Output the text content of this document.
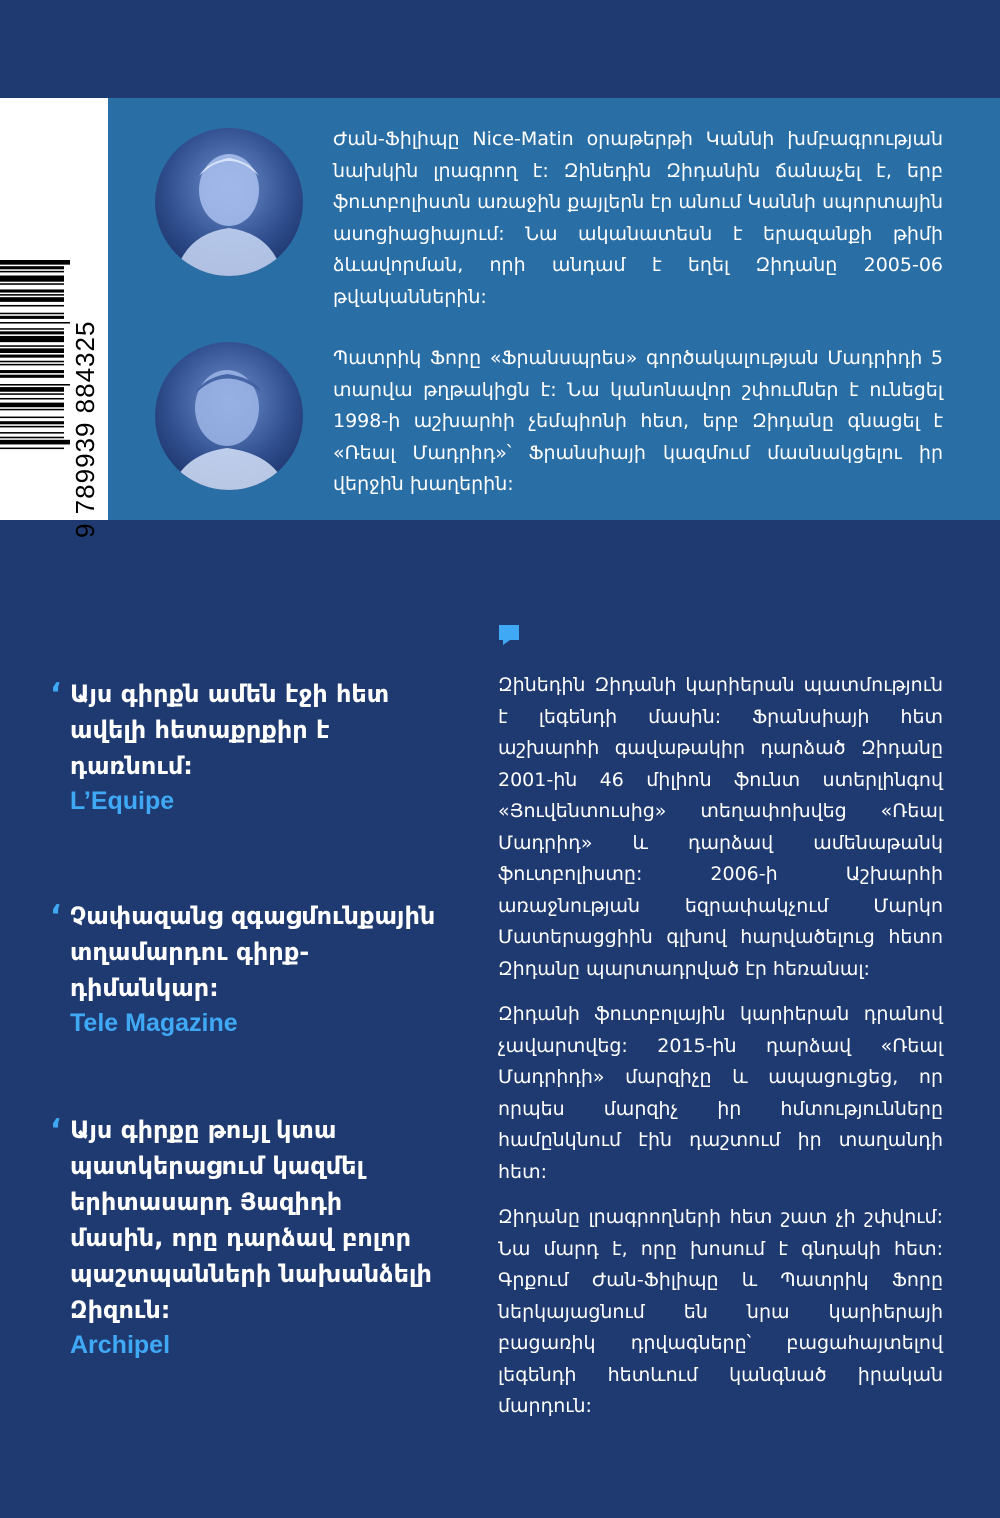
9 789939 884325

Ժան-Ֆիլիպը Nice-Matin օրաթերթի Կաննի խմբագրության նախկին լրագրող է: Զինեդին Զիդանին ճանաչել է, երբ ֆուտբոլիստն առաջին քայլերն էր անում Կաննի սպորտային ասոցիացիայում: Նա ականատեսն է երազանքի թիմի ձևավորման, որի անդամ է եղել Զիդանը 2005-06 թվականներին:

Պատրիկ Ֆորը «Ֆրանսպրես» գործակալության Մադրիդի 5 տարվա թղթակիցն է: Նա կանոնավոր շփումներ է ունեցել 1998-ի աշխարհի չեմպիոնի հետ, երբ Զիդանը գնացել է «Ռեալ Մադրիդ»՝ Ֆրանսիայի կազմում մասնակցելու իր վերջին խաղերին:

‘ Այս գիրքն ամեն էջի հետ ավելի հետաքրքիր է դառնում:
L’Equipe
‘ Չափազանց զգացմունքային տղամարդու գիրք-դիմանկար:
Tele Magazine
‘ Այս գիրքը թույլ կտա պատկերացում կազմել երիտասարդ Յազիդի մասին, որը դարձավ բոլոր պաշտպանների նախանձելի Զիզուն:
Archipel

Զինեդին Զիդանի կարիերան պատմություն է լեգենդի մասին: Ֆրանսիայի հետ աշխարհի գավաթակիր դարձած Զիդանը 2001-ին 46 միլիոն ֆունտ ստերլինգով «Յուվենտուսից» տեղափոխվեց «Ռեալ Մադրիդ» և դարձավ ամենաթանկ ֆուտբոլիստը: 2006-ի Աշխարհի առաջնության եզրափակչում Մարկո Մատերացցիին գլխով հարվածելուց հետո Զիդանը պարտադրված էր հեռանալ:

Զիդանի ֆուտբոլային կարիերան դրանով չավարտվեց: 2015-ին դարձավ «Ռեալ Մադրիդի» մարզիչը և ապացուցեց, որ որպես մարզիչ իր հմտությունները համընկնում էին դաշտում իր տաղանդի հետ:

Զիդանը լրագրողների հետ շատ չի շփվում: Նա մարդ է, որը խոսում է գնդակի հետ: Գրքում Ժան-Ֆիլիպը և Պատրիկ Ֆորը ներկայացնում են նրա կարիերայի բացառիկ դրվագները՝ բացահայտելով լեգենդի հետևում կանգնած իրական մարդուն:
